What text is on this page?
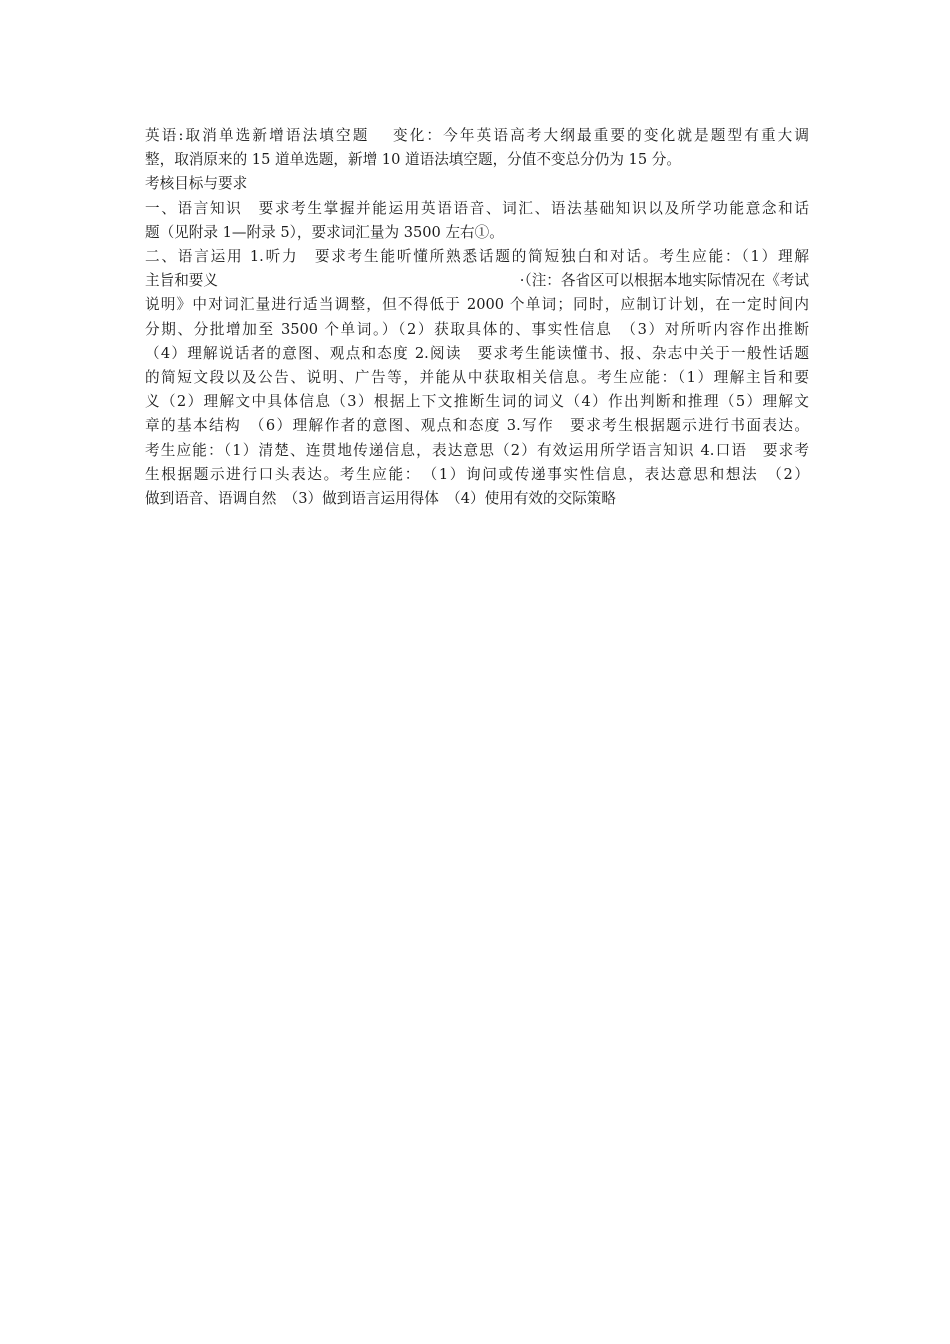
英语:取消单选新增语法填空题　 变化：今年英语高考大纲最重要的变化就是题型有重大调
整，取消原来的 15 道单选题，新增 10 道语法填空题，分值不变总分仍为 15 分。

考核目标与要求

一、语言知识　要求考生掌握并能运用英语语音、词汇、语法基础知识以及所学功能意念和话
题（见附录 1—附录 5），要求词汇量为 3500 左右①。

二、语言运用 1.听力　要求考生能听懂所熟悉话题的简短独白和对话。考生应能：（1）理解
主旨和要义	·（注：各省区可以根据本地实际情况在《考试
说明》中对词汇量进行适当调整，但不得低于 2000 个单词；同时，应制订计划，在一定时间内
分期、分批增加至 3500 个单词。）（2）获取具体的、事实性信息　（3）对所听内容作出推断
（4）理解说话者的意图、观点和态度 2.阅读　要求考生能读懂书、报、杂志中关于一般性话题
的简短文段以及公告、说明、广告等，并能从中获取相关信息。考生应能：（1）理解主旨和要
义（2）理解文中具体信息（3）根据上下文推断生词的词义（4）作出判断和推理（5）理解文
章的基本结构　（6）理解作者的意图、观点和态度 3.写作　要求考生根据题示进行书面表达。
考生应能：（1）清楚、连贯地传递信息，表达意思（2）有效运用所学语言知识 4.口语　要求考
生根据题示进行口头表达。考生应能：　（1）询问或传递事实性信息，表达意思和想法　（2）
做到语音、语调自然　（3）做到语言运用得体　（4）使用有效的交际策略
